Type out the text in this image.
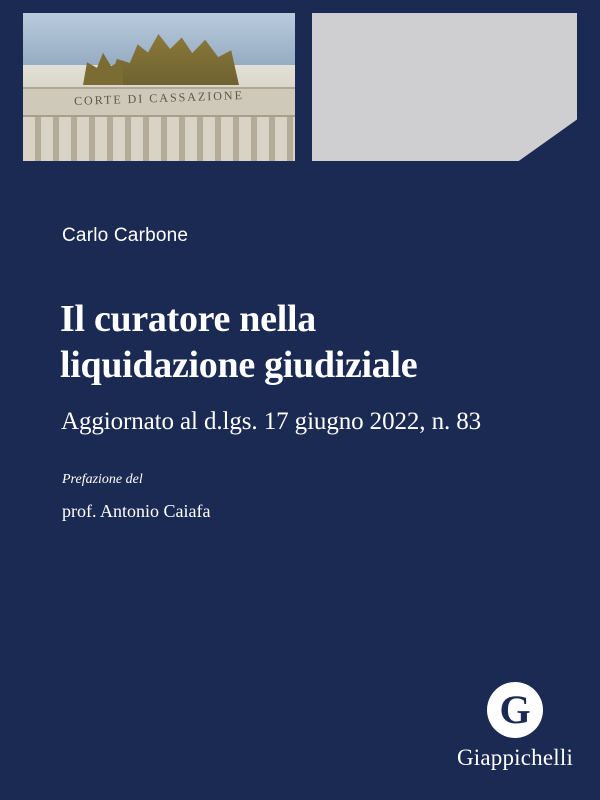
CORTE DI CASSAZIONE
Carlo Carbone
Il curatore nella
liquidazione giudiziale
Aggiornato al d.lgs. 17 giugno 2022, n. 83
Prefazione del
prof. Antonio Caiafa
G
Giappichelli
